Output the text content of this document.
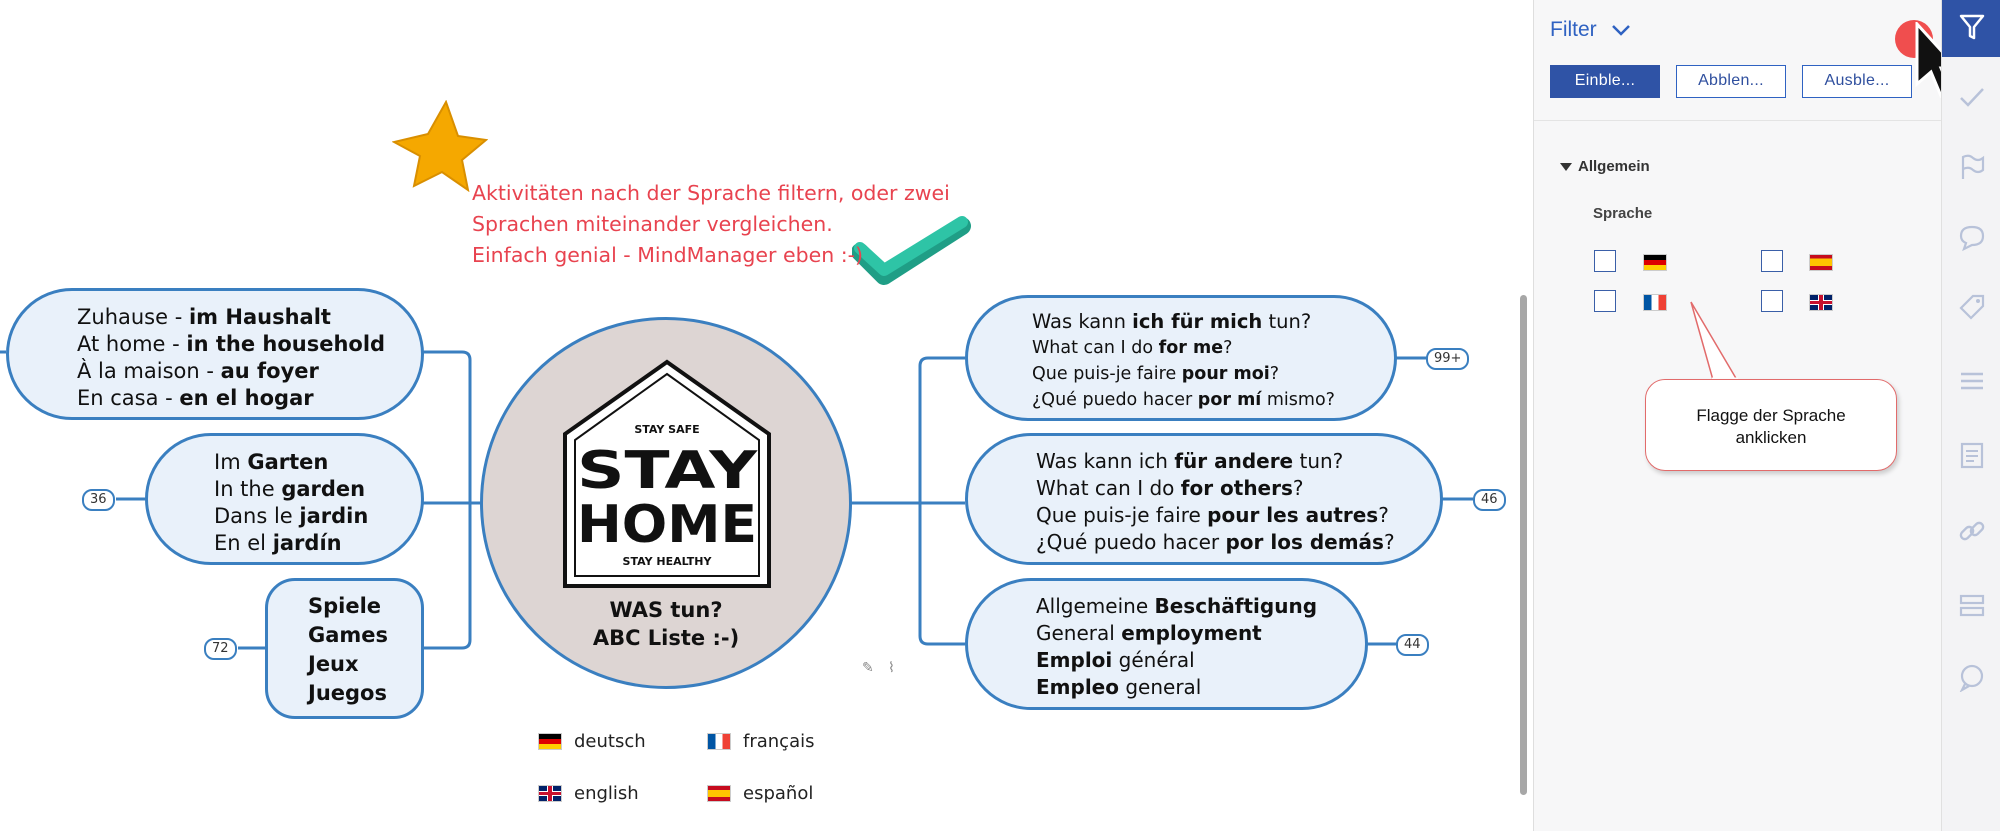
Aktivitäten nach der Sprache filtern, oder zwei
Sprachen miteinander vergleichen.
Einfach genial - MindManager eben :-)
STAY SAFE
STAY
HOME
STAY HEALTHY
WAS tun?
ABC Liste :-)
✎ ⌇
Zuhause - im Haushalt
At home - in the household
À la maison - au foyer
En casa - en el hogar
Im Garten
In the garden
Dans le jardin
En el jardín
36
Spiele
Games
Jeux
Juegos
72
Was kann ich für mich tun?
What can I do for me?
Que puis-je faire pour moi?
¿Qué puedo hacer por mí mismo?
99+
Was kann ich für andere tun?
What can I do for others?
Que puis-je faire pour les autres?
¿Qué puedo hacer por los demás?
46
Allgemeine Beschäftigung
General employment
Emploi général
Empleo general
44
deutsch	français
english	español
Filter
Einble...	Abblen...	Ausble...
Allgemein
Sprache
Flagge der Sprache
anklicken
